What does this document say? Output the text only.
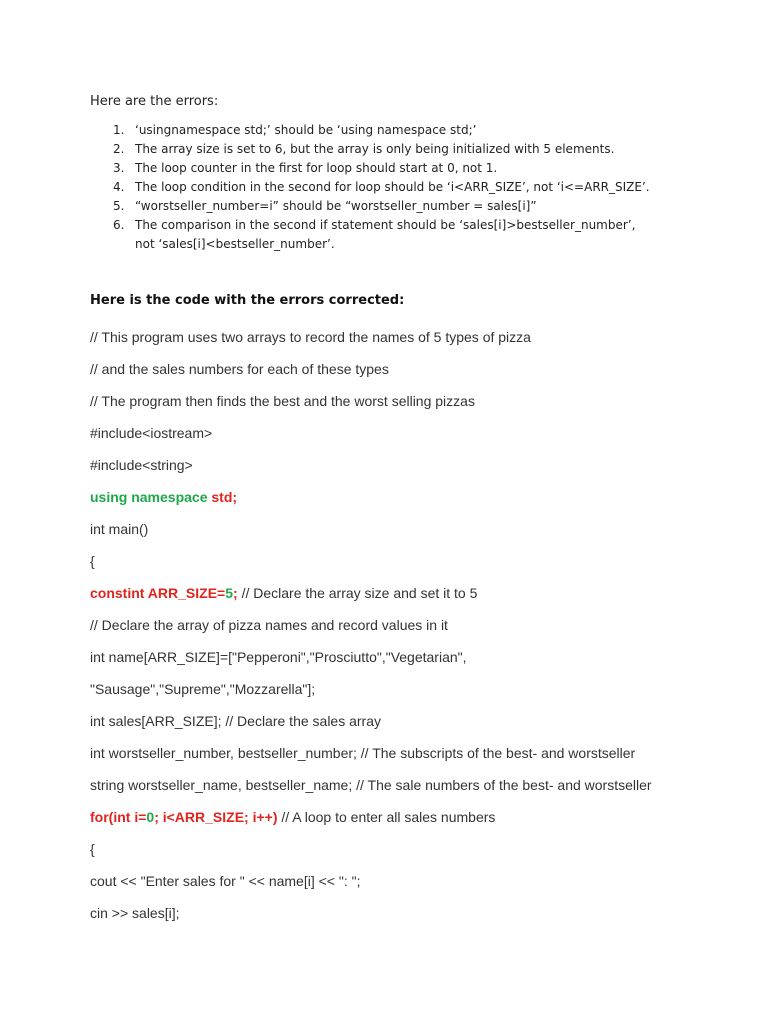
Here are the errors:
1. ‘usingnamespace std;’ should be ‘using namespace std;’
2. The array size is set to 6, but the array is only being initialized with 5 elements.
3. The loop counter in the first for loop should start at 0, not 1.
4. The loop condition in the second for loop should be ‘i<ARR_SIZE’, not ‘i<=ARR_SIZE’.
5. “worstseller_number=i” should be “worstseller_number = sales[i]”
6. The comparison in the second if statement should be ‘sales[i]>bestseller_number’, not ‘sales[i]<bestseller_number’.
Here is the code with the errors corrected:
// This program uses two arrays to record the names of 5 types of pizza
// and the sales numbers for each of these types
// The program then finds the best and the worst selling pizzas
#include<iostream>
#include<string>
using namespace std;
int main()
{
constint ARR_SIZE=5; // Declare the array size and set it to 5
// Declare the array of pizza names and record values in it
int name[ARR_SIZE]=["Pepperoni","Prosciutto","Vegetarian",
"Sausage","Supreme","Mozzarella"];
int sales[ARR_SIZE]; // Declare the sales array
int worstseller_number, bestseller_number; // The subscripts of the best- and worstseller
string worstseller_name, bestseller_name; // The sale numbers of the best- and worstseller
for(int i=0; i<ARR_SIZE; i++) // A loop to enter all sales numbers
{
cout << "Enter sales for " << name[i] << ": ";
cin >> sales[i];
